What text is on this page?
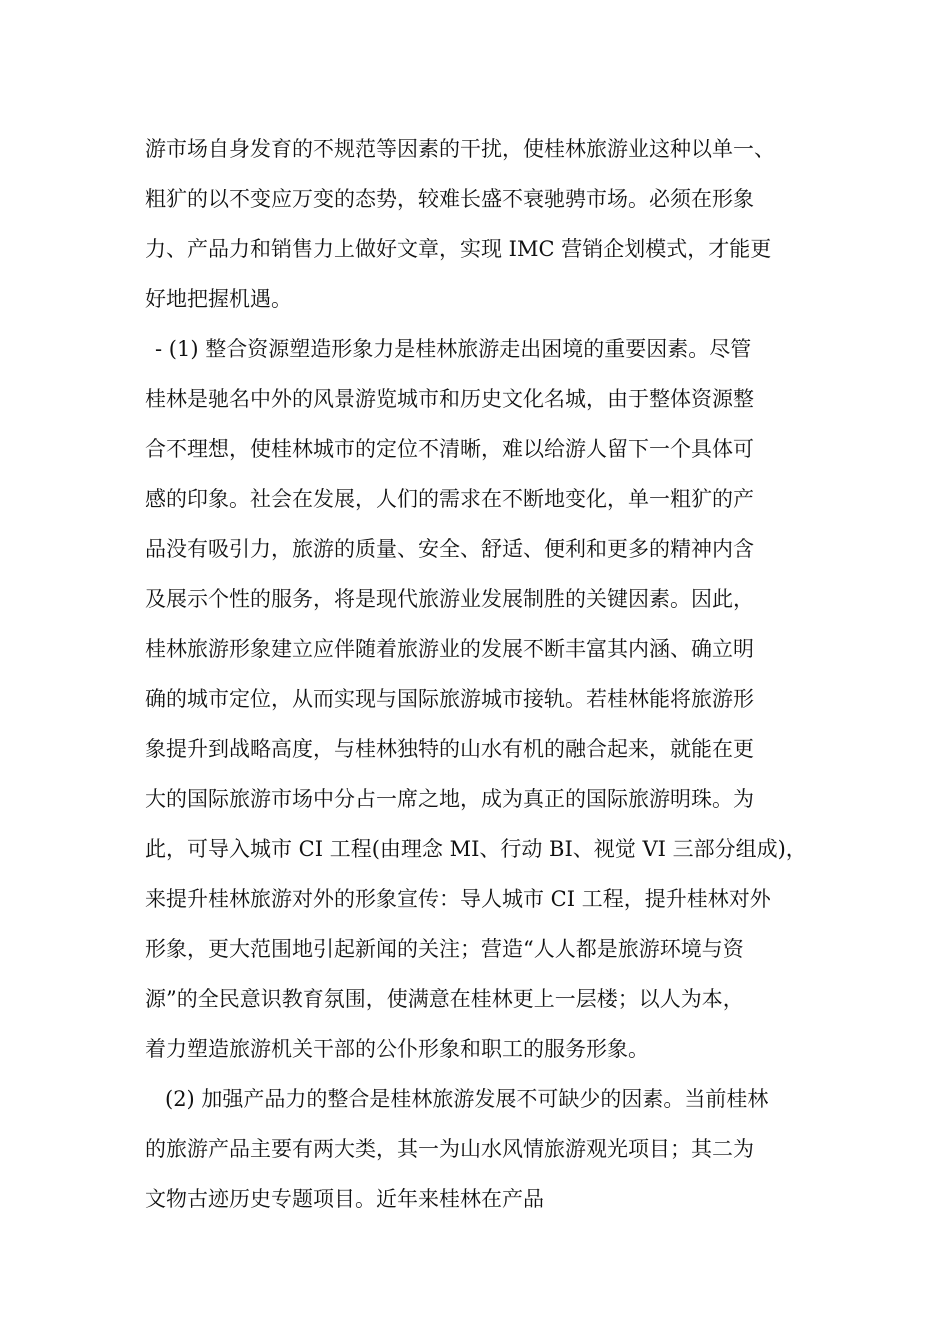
游市场自身发育的不规范等因素的干扰，使桂林旅游业这种以单一、
粗犷的以不变应万变的态势，较难长盛不衰驰骋市场。必须在形象
力、产品力和销售力上做好文章，实现 IMC 营销企划模式，才能更
好地把握机遇。
- (1) 整合资源塑造形象力是桂林旅游走出困境的重要因素。尽管
桂林是驰名中外的风景游览城市和历史文化名城，由于整体资源整
合不理想，使桂林城市的定位不清晰，难以给游人留下一个具体可
感的印象。社会在发展，人们的需求在不断地变化，单一粗犷的产
品没有吸引力，旅游的质量、安全、舒适、便利和更多的精神内含
及展示个性的服务，将是现代旅游业发展制胜的关键因素。因此，
桂林旅游形象建立应伴随着旅游业的发展不断丰富其内涵、确立明
确的城市定位，从而实现与国际旅游城市接轨。若桂林能将旅游形
象提升到战略高度，与桂林独特的山水有机的融合起来，就能在更
大的国际旅游市场中分占一席之地，成为真正的国际旅游明珠。为
此，可导入城市 CI 工程(由理念 MI、行动 BI、视觉 VI 三部分组成)，
来提升桂林旅游对外的形象宣传：导人城市 CI 工程，提升桂林对外
形象，更大范围地引起新闻的关注；营造“人人都是旅游环境与资
源”的全民意识教育氛围，使满意在桂林更上一层楼；以人为本，
着力塑造旅游机关干部的公仆形象和职工的服务形象。
(2) 加强产品力的整合是桂林旅游发展不可缺少的因素。当前桂林
的旅游产品主要有两大类，其一为山水风情旅游观光项目；其二为
文物古迹历史专题项目。近年来桂林在产品
